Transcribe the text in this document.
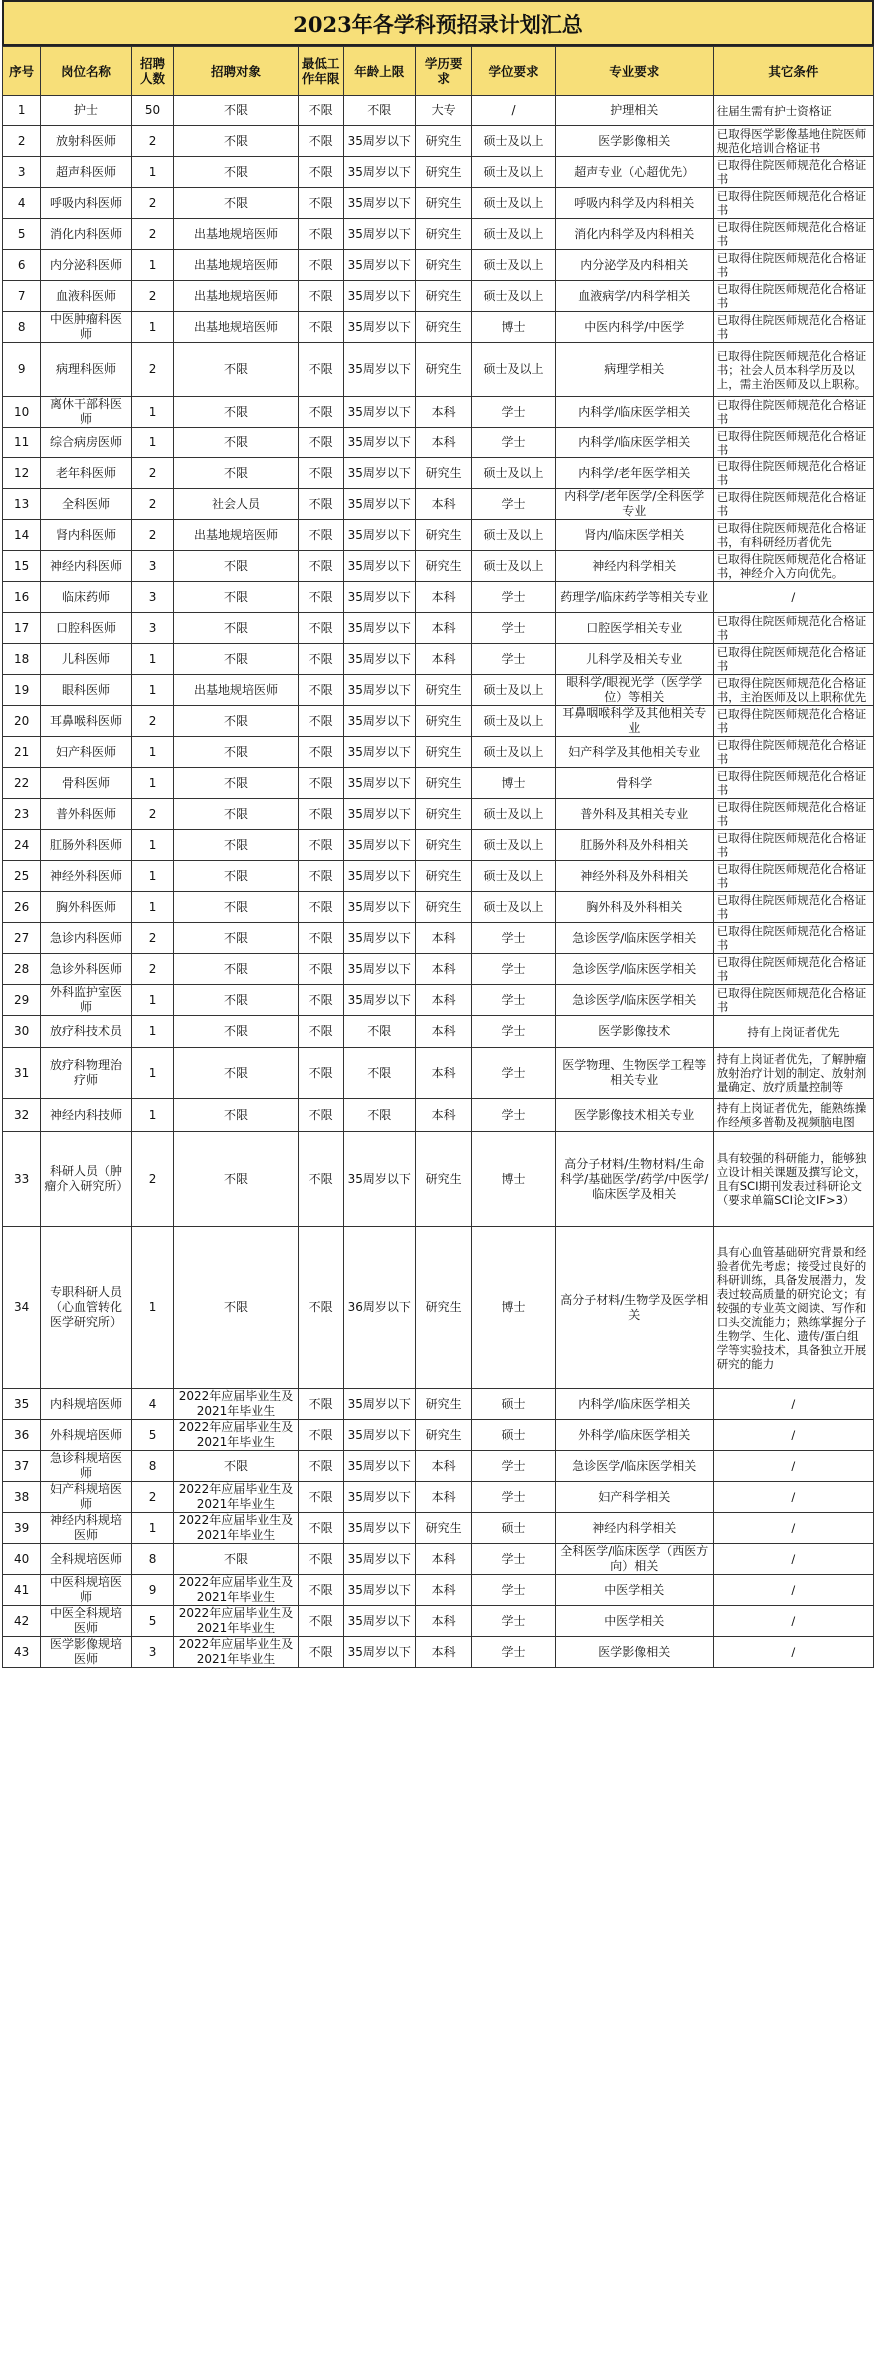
2023年各学科预招录计划汇总
序号	岗位名称	招聘人数	招聘对象	最低工作年限	年龄上限	学历要求	学位要求	专业要求	其它条件
1	护士	50	不限	不限	不限	大专	/	护理相关	往届生需有护士资格证
2	放射科医师	2	不限	不限	35周岁以下	研究生	硕士及以上	医学影像相关	已取得医学影像基地住院医师规范化培训合格证书
3	超声科医师	1	不限	不限	35周岁以下	研究生	硕士及以上	超声专业（心超优先）	已取得住院医师规范化合格证书
4	呼吸内科医师	2	不限	不限	35周岁以下	研究生	硕士及以上	呼吸内科学及内科相关	已取得住院医师规范化合格证书
5	消化内科医师	2	出基地规培医师	不限	35周岁以下	研究生	硕士及以上	消化内科学及内科相关	已取得住院医师规范化合格证书
6	内分泌科医师	1	出基地规培医师	不限	35周岁以下	研究生	硕士及以上	内分泌学及内科相关	已取得住院医师规范化合格证书
7	血液科医师	2	出基地规培医师	不限	35周岁以下	研究生	硕士及以上	血液病学/内科学相关	已取得住院医师规范化合格证书
8	中医肿瘤科医师	1	出基地规培医师	不限	35周岁以下	研究生	博士	中医内科学/中医学	已取得住院医师规范化合格证书
9	病理科医师	2	不限	不限	35周岁以下	研究生	硕士及以上	病理学相关	已取得住院医师规范化合格证书；社会人员本科学历及以上，需主治医师及以上职称。
10	离休干部科医师	1	不限	不限	35周岁以下	本科	学士	内科学/临床医学相关	已取得住院医师规范化合格证书
11	综合病房医师	1	不限	不限	35周岁以下	本科	学士	内科学/临床医学相关	已取得住院医师规范化合格证书
12	老年科医师	2	不限	不限	35周岁以下	研究生	硕士及以上	内科学/老年医学相关	已取得住院医师规范化合格证书
13	全科医师	2	社会人员	不限	35周岁以下	本科	学士	内科学/老年医学/全科医学专业	已取得住院医师规范化合格证书
14	肾内科医师	2	出基地规培医师	不限	35周岁以下	研究生	硕士及以上	肾内/临床医学相关	已取得住院医师规范化合格证书，有科研经历者优先
15	神经内科医师	3	不限	不限	35周岁以下	研究生	硕士及以上	神经内科学相关	已取得住院医师规范化合格证书，神经介入方向优先。
16	临床药师	3	不限	不限	35周岁以下	本科	学士	药理学/临床药学等相关专业	/
17	口腔科医师	3	不限	不限	35周岁以下	本科	学士	口腔医学相关专业	已取得住院医师规范化合格证书
18	儿科医师	1	不限	不限	35周岁以下	本科	学士	儿科学及相关专业	已取得住院医师规范化合格证书
19	眼科医师	1	出基地规培医师	不限	35周岁以下	研究生	硕士及以上	眼科学/眼视光学（医学学位）等相关	已取得住院医师规范化合格证书，主治医师及以上职称优先
20	耳鼻喉科医师	2	不限	不限	35周岁以下	研究生	硕士及以上	耳鼻咽喉科学及其他相关专业	已取得住院医师规范化合格证书
21	妇产科医师	1	不限	不限	35周岁以下	研究生	硕士及以上	妇产科学及其他相关专业	已取得住院医师规范化合格证书
22	骨科医师	1	不限	不限	35周岁以下	研究生	博士	骨科学	已取得住院医师规范化合格证书
23	普外科医师	2	不限	不限	35周岁以下	研究生	硕士及以上	普外科及其相关专业	已取得住院医师规范化合格证书
24	肛肠外科医师	1	不限	不限	35周岁以下	研究生	硕士及以上	肛肠外科及外科相关	已取得住院医师规范化合格证书
25	神经外科医师	1	不限	不限	35周岁以下	研究生	硕士及以上	神经外科及外科相关	已取得住院医师规范化合格证书
26	胸外科医师	1	不限	不限	35周岁以下	研究生	硕士及以上	胸外科及外科相关	已取得住院医师规范化合格证书
27	急诊内科医师	2	不限	不限	35周岁以下	本科	学士	急诊医学/临床医学相关	已取得住院医师规范化合格证书
28	急诊外科医师	2	不限	不限	35周岁以下	本科	学士	急诊医学/临床医学相关	已取得住院医师规范化合格证书
29	外科监护室医师	1	不限	不限	35周岁以下	本科	学士	急诊医学/临床医学相关	已取得住院医师规范化合格证书
30	放疗科技术员	1	不限	不限	不限	本科	学士	医学影像技术	持有上岗证者优先
31	放疗科物理治疗师	1	不限	不限	不限	本科	学士	医学物理、生物医学工程等相关专业	持有上岗证者优先，了解肿瘤放射治疗计划的制定、放射剂量确定、放疗质量控制等
32	神经内科技师	1	不限	不限	不限	本科	学士	医学影像技术相关专业	持有上岗证者优先，能熟练操作经颅多普勒及视频脑电图
33	科研人员（肿瘤介入研究所）	2	不限	不限	35周岁以下	研究生	博士	高分子材料/生物材料/生命科学/基础医学/药学/中医学/临床医学及相关	具有较强的科研能力，能够独立设计相关课题及撰写论文，且有SCI期刊发表过科研论文（要求单篇SCI论文IF>3）
34	专职科研人员（心血管转化医学研究所）	1	不限	不限	36周岁以下	研究生	博士	高分子材料/生物学及医学相关	具有心血管基础研究背景和经验者优先考虑；接受过良好的科研训练，具备发展潜力，发表过较高质量的研究论文；有较强的专业英文阅读、写作和口头交流能力；熟练掌握分子生物学、生化、遗传/蛋白组学等实验技术，具备独立开展研究的能力
35	内科规培医师	4	2022年应届毕业生及2021年毕业生	不限	35周岁以下	研究生	硕士	内科学/临床医学相关	/
36	外科规培医师	5	2022年应届毕业生及2021年毕业生	不限	35周岁以下	研究生	硕士	外科学/临床医学相关	/
37	急诊科规培医师	8	不限	不限	35周岁以下	本科	学士	急诊医学/临床医学相关	/
38	妇产科规培医师	2	2022年应届毕业生及2021年毕业生	不限	35周岁以下	本科	学士	妇产科学相关	/
39	神经内科规培医师	1	2022年应届毕业生及2021年毕业生	不限	35周岁以下	研究生	硕士	神经内科学相关	/
40	全科规培医师	8	不限	不限	35周岁以下	本科	学士	全科医学/临床医学（西医方向）相关	/
41	中医科规培医师	9	2022年应届毕业生及2021年毕业生	不限	35周岁以下	本科	学士	中医学相关	/
42	中医全科规培医师	5	2022年应届毕业生及2021年毕业生	不限	35周岁以下	本科	学士	中医学相关	/
43	医学影像规培医师	3	2022年应届毕业生及2021年毕业生	不限	35周岁以下	本科	学士	医学影像相关	/
